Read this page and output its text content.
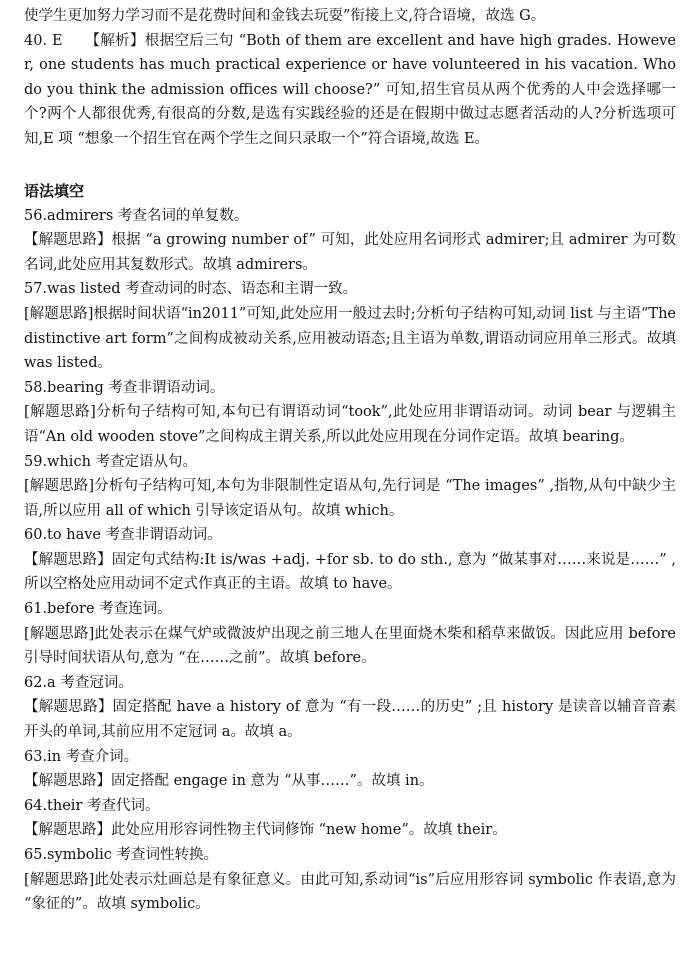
使学生更加努力学习而不是花费时间和金钱去玩耍”衔接上文,符合语境，故选 G。

40. E　　【解析】根据空后三句 “Both of them are excellent and have high grades. However, one students has much practical experience or have volunteered in his vacation. Who do you think the admission offices will choose?” 可知,招生官员从两个优秀的人中会选择哪一个?两个人都很优秀,有很高的分数,是选有实践经验的还是在假期中做过志愿者活动的人?分析选项可知,E 项 “想象一个招生官在两个学生之间只录取一个”符合语境,故选 E。

语法填空

56.admirers 考查名词的单复数。

【解题思路】根据 “a growing number of” 可知，此处应用名词形式 admirer;且 admirer 为可数名词,此处应用其复数形式。故填 admirers。

57.was listed 考查动词的时态、语态和主谓一致。

[解题思路]根据时间状语“in2011”可知,此处应用一般过去时;分析句子结构可知,动词 list 与主语“The distinctive art form”之间构成被动关系,应用被动语态;且主语为单数,谓语动词应用单三形式。故填 was listed。

58.bearing 考查非谓语动词。

[解题思路]分析句子结构可知,本句已有谓语动词“took”,此处应用非谓语动词。动词 bear 与逻辑主语“An old wooden stove”之间构成主谓关系,所以此处应用现在分词作定语。故填 bearing。

59.which 考查定语从句。

[解题思路]分析句子结构可知,本句为非限制性定语从句,先行词是 “The images” ,指物,从句中缺少主语,所以应用 all of which 引导该定语从句。故填 which。

60.to have 考查非谓语动词。

【解题思路】固定句式结构:It is/was +adj. +for sb. to do sth., 意为 “做某事对……来说是……” ,所以空格处应用动词不定式作真正的主语。故填 to have。

61.before 考查连词。

[解题思路]此处表示在煤气炉或微波炉出现之前三地人在里面烧木柴和稻草来做饭。因此应用 before 引导时间状语从句,意为 “在……之前”。故填 before。

62.a 考查冠词。

【解题思路】固定搭配 have a history of 意为 “有一段……的历史” ;且 history 是读音以辅音音素开头的单词,其前应用不定冠词 a。故填 a。

63.in 考查介词。

【解题思路】固定搭配 engage in 意为 “从事……”。故填 in。

64.their 考查代词。

【解题思路】此处应用形容词性物主代词修饰 “new home”。故填 their。

65.symbolic 考查词性转换。

[解题思路]此处表示灶画总是有象征意义。由此可知,系动词“is”后应用形容词 symbolic 作表语,意为 “象征的”。故填 symbolic。
